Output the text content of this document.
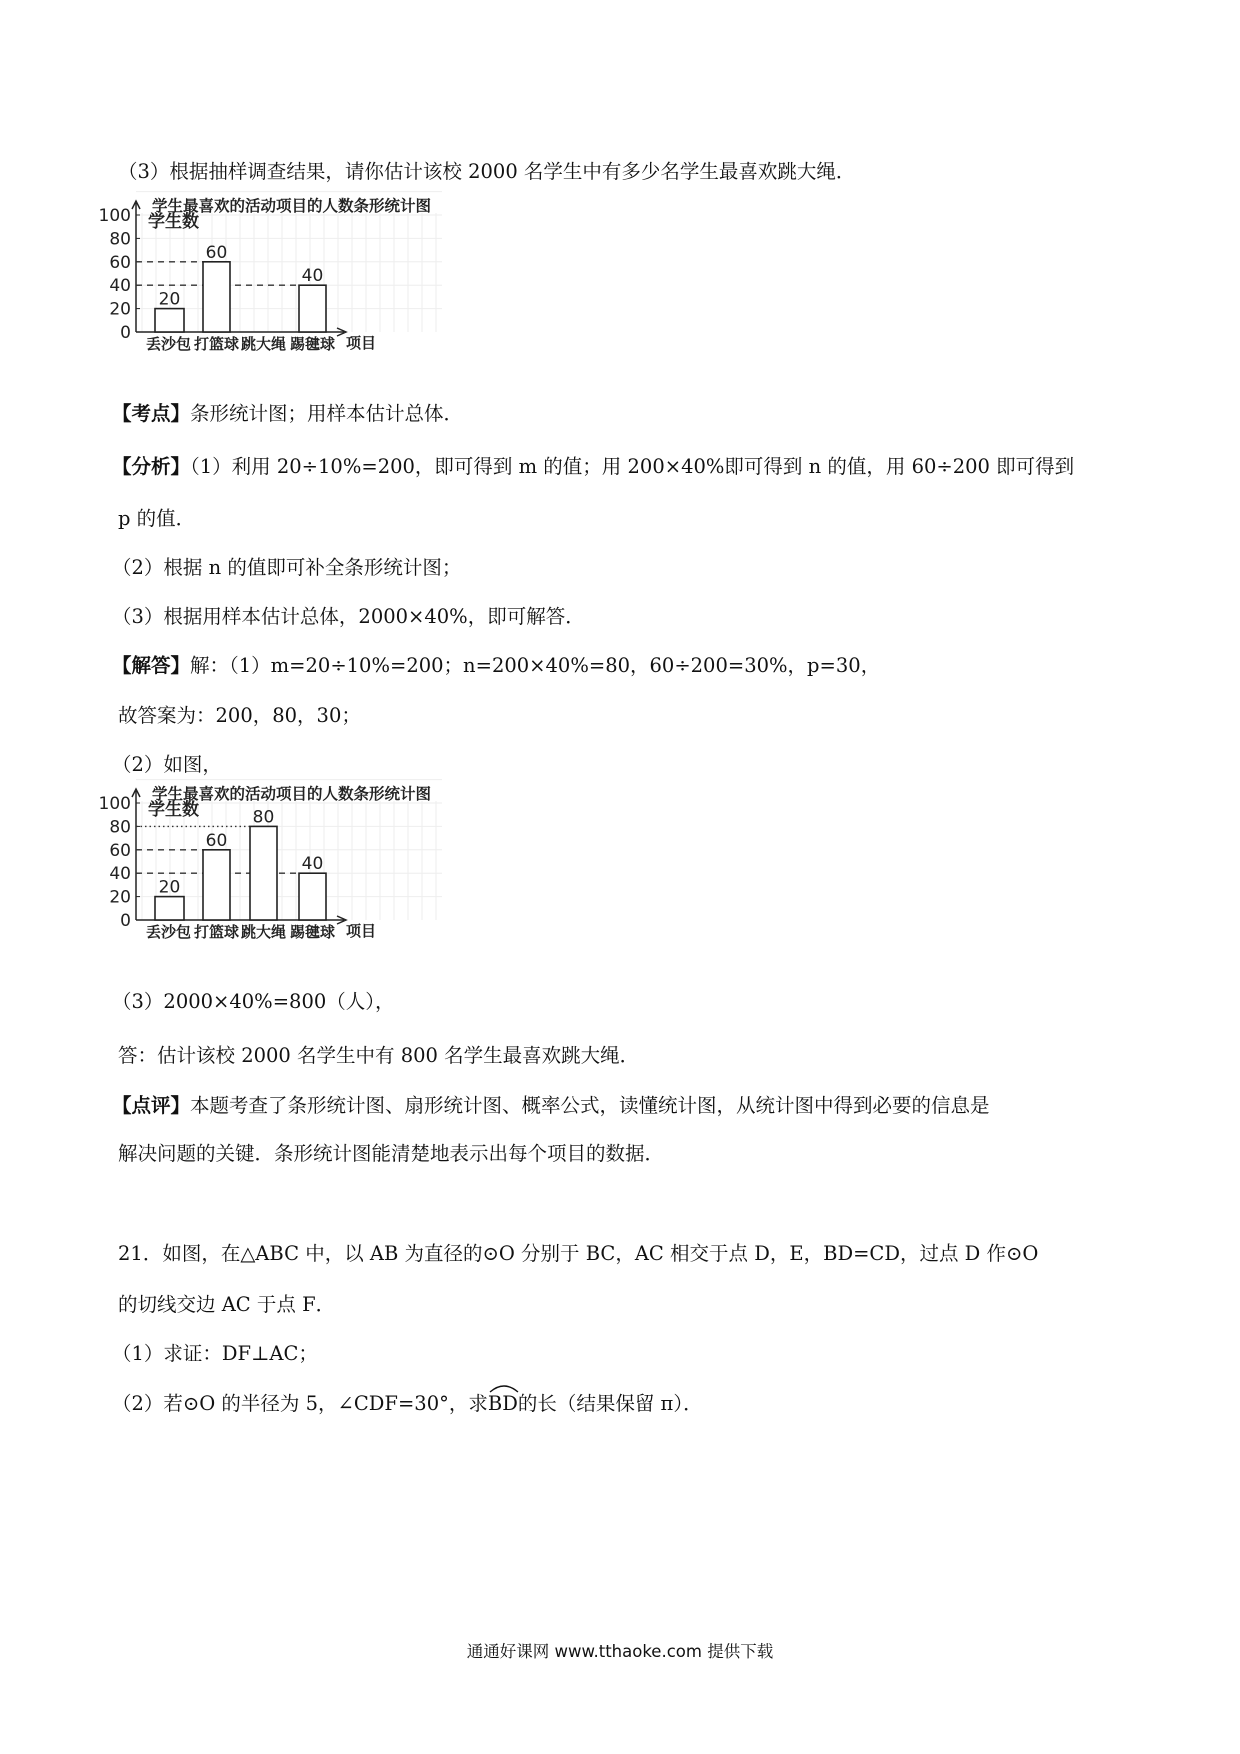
（3）根据抽样调查结果，请你估计该校 2000 名学生中有多少名学生最喜欢跳大绳．
学生最喜欢的活动项目的人数条形统计图
学生数
项目
0
20
40
60
80
100
20
丢沙包
60
打篮球 跳大绳
40
踢毽球
【考点】条形统计图；用样本估计总体．
【分析】（1）利用 20÷10%=200，即可得到 m 的值；用 200×40%即可得到 n 的值，用 60÷200 即可得到
p 的值．
（2）根据 n 的值即可补全条形统计图；
（3）根据用样本估计总体，2000×40%，即可解答．
【解答】解：（1）m=20÷10%=200；n=200×40%=80，60÷200=30%，p=30，
故答案为：200，80，30；
（2）如图，
学生最喜欢的活动项目的人数条形统计图
学生数
项目
0
20
40
60
80
100
20
丢沙包
60
打篮球
80
跳大绳
40
踢毽球
（3）2000×40%=800（人），
答：估计该校 2000 名学生中有 800 名学生最喜欢跳大绳．
【点评】本题考查了条形统计图、扇形统计图、概率公式，读懂统计图，从统计图中得到必要的信息是
解决问题的关键．条形统计图能清楚地表示出每个项目的数据．
21．如图，在△ABC 中，以 AB 为直径的⊙O 分别于 BC，AC 相交于点 D，E，BD=CD，过点 D 作⊙O
的切线交边 AC 于点 F．
（1）求证：DF⊥AC；
（2）若⊙O 的半径为 5，∠CDF=30°，求
BD的长（结果保留 π）．
通通好课网 www.tthaoke.com 提供下载
